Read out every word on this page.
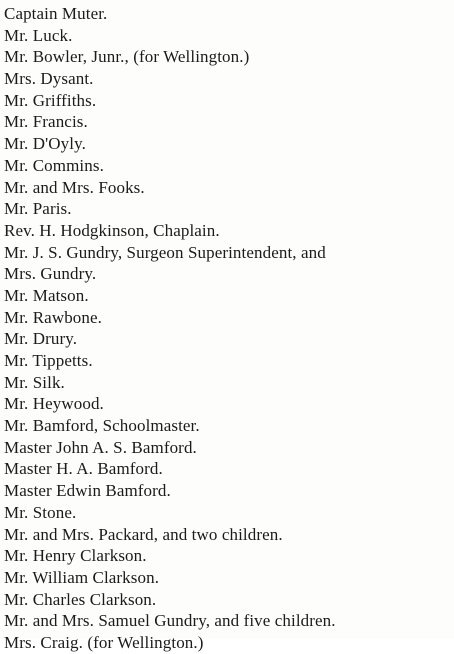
Captain Muter.
Mr. Luck.
Mr. Bowler, Junr., (for Wellington.)
Mrs. Dysant.
Mr. Griffiths.
Mr. Francis.
Mr. D'Oyly.
Mr. Commins.
Mr. and Mrs. Fooks.
Mr. Paris.
Rev. H. Hodgkinson, Chaplain.
Mr. J. S. Gundry, Surgeon Superintendent, and
Mrs. Gundry.
Mr. Matson.
Mr. Rawbone.
Mr. Drury.
Mr. Tippetts.
Mr. Silk.
Mr. Heywood.
Mr. Bamford, Schoolmaster.
Master John A. S. Bamford.
Master H. A. Bamford.
Master Edwin Bamford.
Mr. Stone.
Mr. and Mrs. Packard, and two children.
Mr. Henry Clarkson.
Mr. William Clarkson.
Mr. Charles Clarkson.
Mr. and Mrs. Samuel Gundry, and five children.
Mrs. Craig. (for Wellington.)
